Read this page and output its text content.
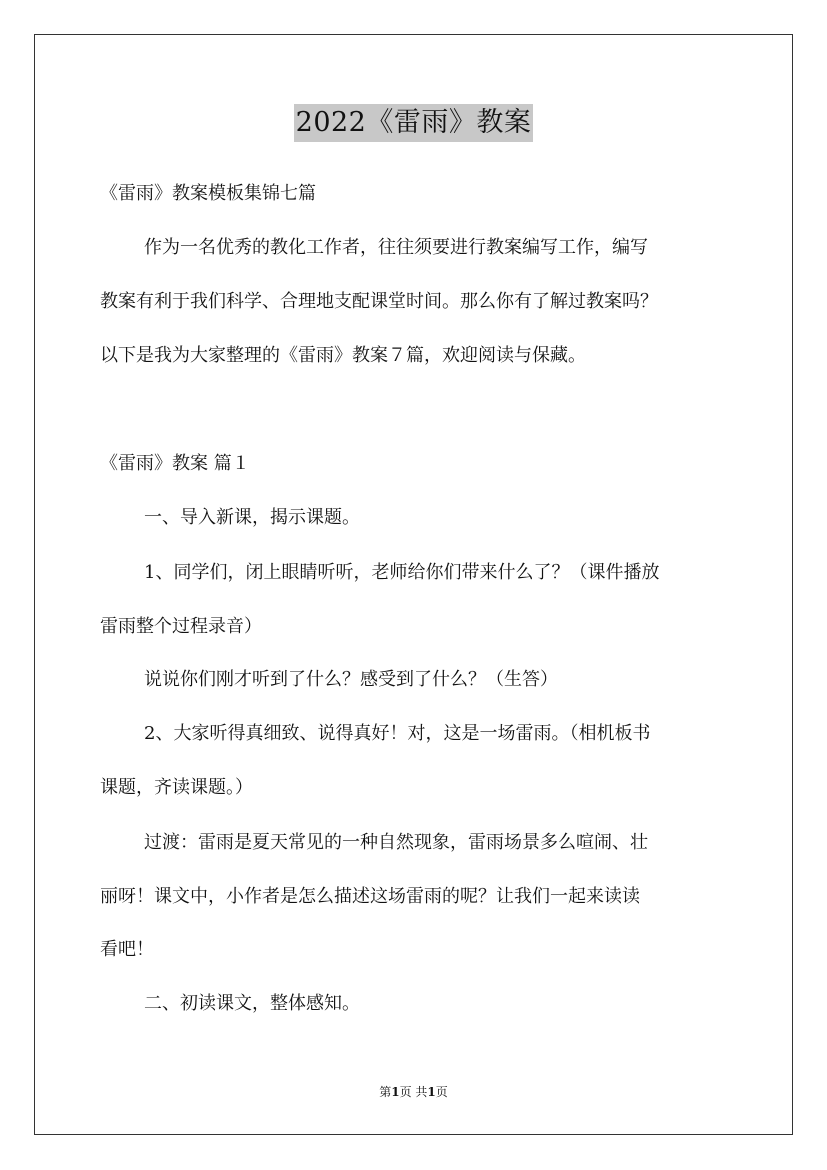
2022《雷雨》教案
《雷雨》教案模板集锦七篇
作为一名优秀的教化工作者，往往须要进行教案编写工作，编写
教案有利于我们科学、合理地支配课堂时间。那么你有了解过教案吗？
以下是我为大家整理的《雷雨》教案７篇，欢迎阅读与保藏。
《雷雨》教案 篇１
一、导入新课，揭示课题。
1、同学们，闭上眼睛听听，老师给你们带来什么了？（课件播放
雷雨整个过程录音）
说说你们刚才听到了什么？感受到了什么？（生答）
2、大家听得真细致、说得真好！对，这是一场雷雨。（相机板书
课题，齐读课题。）
过渡：雷雨是夏天常见的一种自然现象，雷雨场景多么喧闹、壮
丽呀！课文中，小作者是怎么描述这场雷雨的呢？让我们一起来读读
看吧！
二、初读课文，整体感知。
第1页 共1页
